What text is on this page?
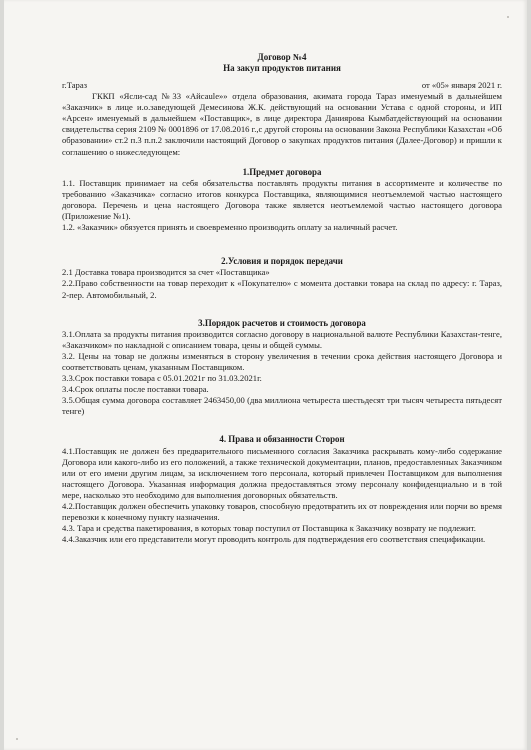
Договор №4
На закуп продуктов питания
г.Тараз	от «05» января 2021 г.

ГККП «Ясли-сад №33 «Айсаule»» отдела образования, акимата города Тараз именуемый в дальнейшем «Заказчик» в лице и.о.заведующей Демесинова Ж.К. действующий на основании Устава с одной стороны, и ИП «Арсен» именуемый в дальнейшем «Поставщик», в лице директора Даниярова Кымбатдействующий на основании свидетельства серия 2109 № 0001896 от 17.08.2016 г.,с другой стороны на основании Закона Республики Казахстан «Об образовании» ст.2 п.3 п.п.2 заключили настоящий Договор о закупках продуктов питания (Далее-Договор) и пришли к соглашению о нижеследующем:

1.Предмет договора

1.1. Поставщик принимает на себя обязательства поставлять продукты питания в ассортименте и количестве по требованию «Заказчика» согласно итогов конкурса Поставщика, являющимися неотъемлемой частью настоящего договора. Перечень и цена настоящего Договора также является неотъемлемой частью настоящего договора (Приложение №1).

1.2. «Заказчик» обязуется принять и своевременно производить оплату за наличный расчет.

2.Условия и порядок передачи

2.1 Доставка товара производится за счет «Поставщика»

2.2.Право собственности на товар переходит к «Покупателю» с момента доставки товара на склад по адресу: г. Тараз, 2-пер. Автомобильный, 2.

3.Порядок расчетов и стоимость договора

3.1.Оплата за продукты питания производится согласно договору в национальной валюте Республики Казахстан-тенге, «Заказчиком» по накладной с описанием товара, цены и общей суммы.

3.2. Цены на товар не должны изменяться в сторону увеличения в течении срока действия настоящего Договора и соответствовать ценам, указанным Поставщиком.

3.3.Срок поставки товара с 05.01.2021г по 31.03.2021г.

3.4.Срок оплаты после поставки товара.

3.5.Общая сумма договора составляет 2463450,00 (два миллиона четыреста шестьдесят три тысяч четыреста пятьдесят тенге)

4. Права и обязанности Сторон

4.1.Поставщик не должен без предварительного письменного согласия Заказчика раскрывать кому-либо содержание Договора или какого-либо из его положений, а также технической документации, планов, предоставленных Заказчиком или от его имени другим лицам, за исключением того персонала, который привлечен Поставщиком для выполнения настоящего Договора. Указанная информация должна предоставляться этому персоналу конфиденциально и в той мере, насколько это необходимо для выполнения договорных обязательств.

4.2.Поставщик должен обеспечить упаковку товаров, способную предотвратить их от повреждения или порчи во время перевозки к конечному пункту назначения.

4.3. Тара и средства пакетирования, в которых товар поступил от Поставщика к Заказчику возврату не подлежит.

4.4.Заказчик или его представители могут проводить контроль для подтверждения его соответствия спецификации.
